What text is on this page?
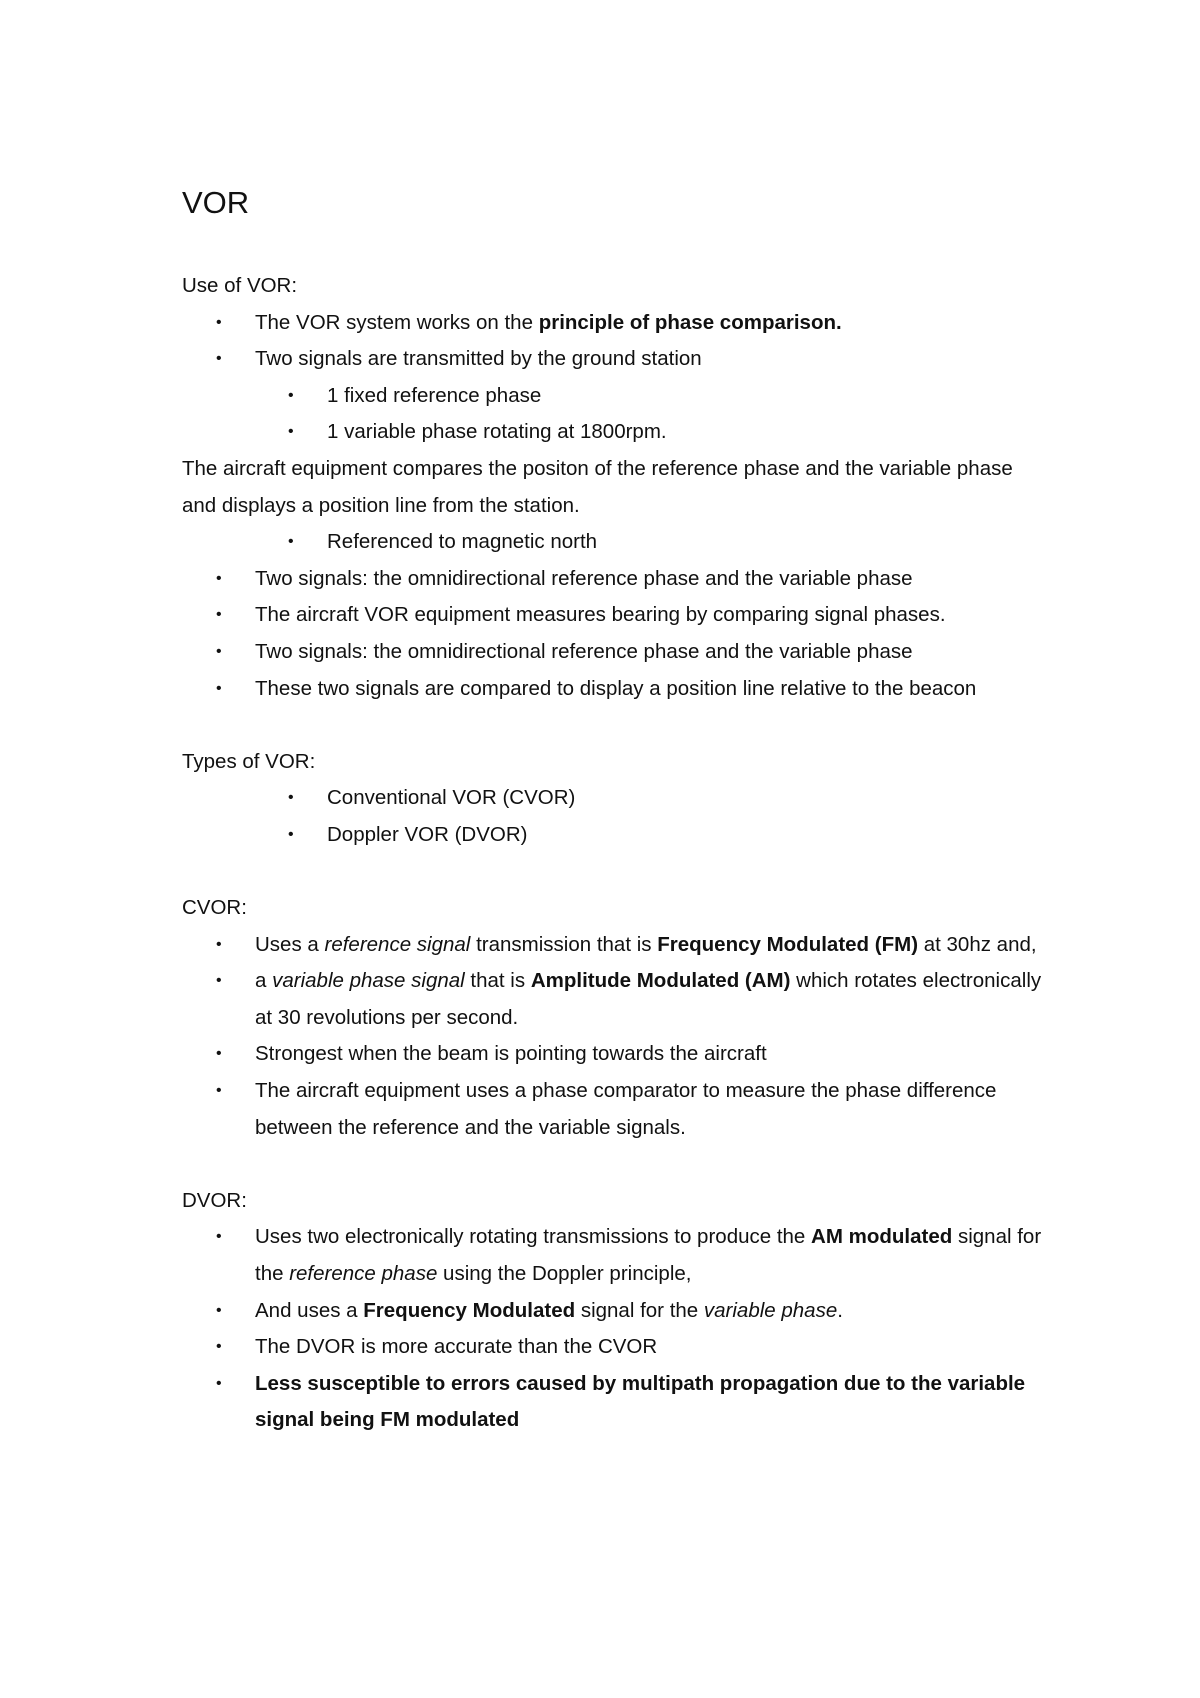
VOR
Use of VOR:
• The VOR system works on the principle of phase comparison.
• Two signals are transmitted by the ground station
• 1 fixed reference phase
• 1 variable phase rotating at 1800rpm.

The aircraft equipment compares the positon of the reference phase and the variable phase and displays a position line from the station.

• Referenced to magnetic north
• Two signals: the omnidirectional reference phase and the variable phase
• The aircraft VOR equipment measures bearing by comparing signal phases.
• Two signals: the omnidirectional reference phase and the variable phase
• These two signals are compared to display a position line relative to the beacon
Types of VOR:
• Conventional VOR (CVOR)
• Doppler VOR (DVOR)
CVOR:
• Uses a reference signal transmission that is Frequency Modulated (FM) at 30hz and,
• a variable phase signal that is Amplitude Modulated (AM) which rotates electronically at 30 revolutions per second.
• Strongest when the beam is pointing towards the aircraft
• The aircraft equipment uses a phase comparator to measure the phase difference between the reference and the variable signals.
DVOR:
• Uses two electronically rotating transmissions to produce the AM modulated signal for the reference phase using the Doppler principle,
• And uses a Frequency Modulated signal for the variable phase.
• The DVOR is more accurate than the CVOR
• Less susceptible to errors caused by multipath propagation due to the variable signal being FM modulated
